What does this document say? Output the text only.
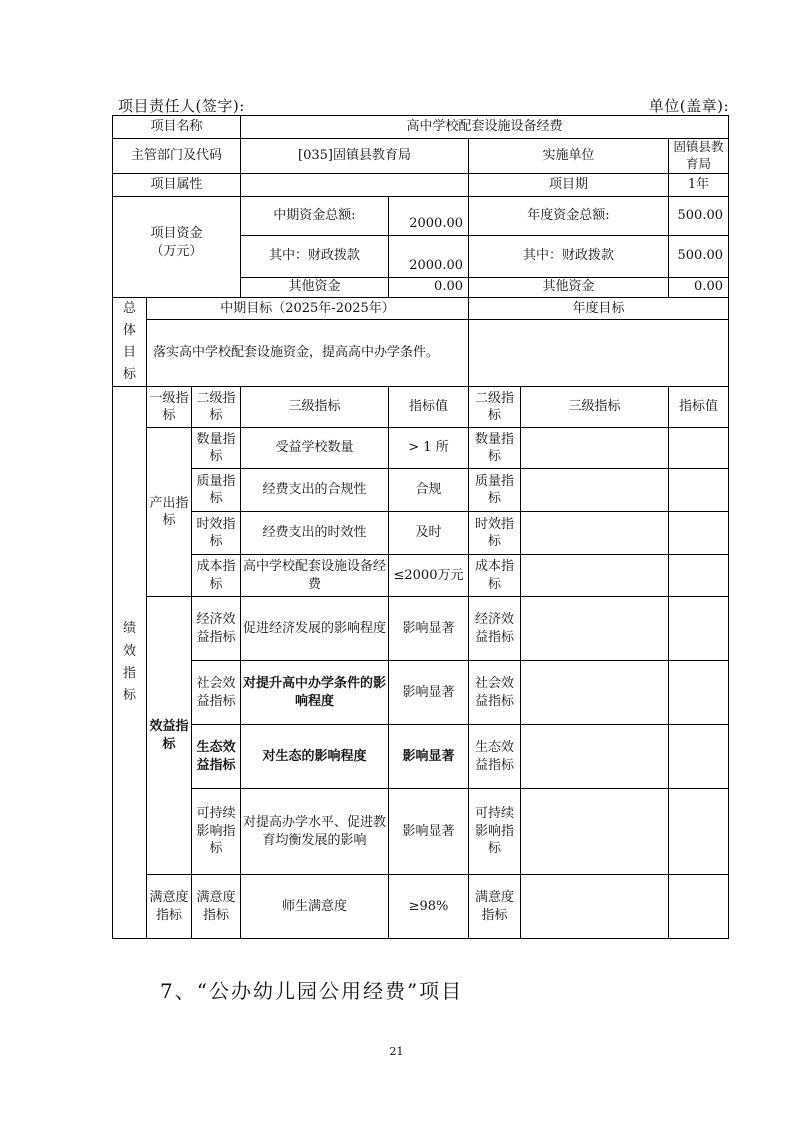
项目责任人(签字):	单位(盖章):
项目名称			高中学校配套设施设备经费				
主管部门及代码			[035]固镇县教育局		实施单位		固镇县教育局
项目属性					项目期		1年

项目资金
（万元）			中期资金总额:	2000.00	年度资金总额:		500.00
			其中：财政拨款	2000.00	其中：财政拨款		500.00
			其他资金	0.00	其他资金		0.00

总
体
目
标	中期目标（2025年-2025年）				年度目标		
	落实高中学校配套设施资金，提高高中办学条件。						

绩
效
指
标	一级指标	二级指标	三级指标	指标值	二级指标	三级指标	指标值
	产出指标	数量指标	受益学校数量	> 1 所	数量指标		
		质量指标	经费支出的合规性	合规	质量指标		
		时效指标	经费支出的时效性	及时	时效指标		
		成本指标	高中学校配套设施设备经费	≤2000万元	成本指标		
	效益指标	经济效益指标	促进经济发展的影响程度	影响显著	经济效益指标		
		社会效益指标	对提升高中办学条件的影响程度	影响显著	社会效益指标		
		生态效益指标	对生态的影响程度	影响显著	生态效益指标		
		可持续影响指标	对提高办学水平、促进教育均衡发展的影响	影响显著	可持续影响指标		
	满意度指标	满意度指标	师生满意度	≥98%	满意度指标		
7、“公办幼儿园公用经费”项目
21
